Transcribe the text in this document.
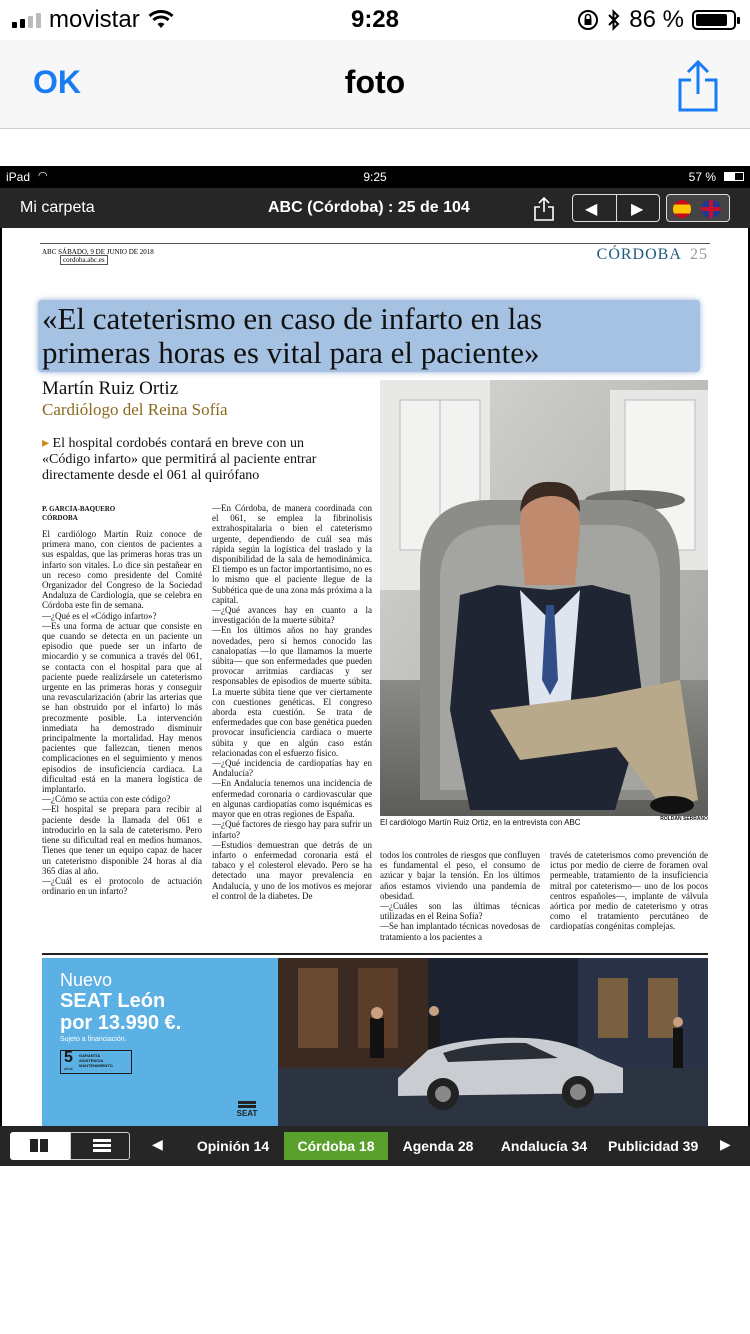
movistar	9:28	86 %
OK	foto
iPad ◠	9:25	57 %
Mi carpeta	ABC (Córdoba) : 25 de 104	◀ ▶
ABC SÁBADO, 9 DE JUNIO DE 2018
cordoba.abc.es	CÓRDOBA 25
«El cateterismo en caso de infarto en las
primeras horas es vital para el paciente»
Martín Ruiz Ortiz
Cardiólogo del Reina Sofía
▸ El hospital cordobés contará en breve con un
«Código infarto» que permitirá al paciente entrar
directamente desde el 061 al quirófano
El cardiólogo Martín Ruiz Ortiz, en la entrevista con ABC	ROLDÁN SERRANO
P. GARCÍA-BAQUERO
CÓRDOBA

El cardiólogo Martín Ruiz conoce de primera mano, con cientos de pacientes a sus espaldas, que las primeras horas tras un infarto son vitales. Lo dice sin pestañear en un receso como presidente del Comité Organizador del Congreso de la Sociedad Andaluza de Cardiología, que se celebra en Córdoba este fin de semana.
—¿Qué es el «Código infarto»?
—Es una forma de actuar que consiste en que cuando se detecta en un paciente un episodio que puede ser un infarto de miocardio y se comunica a través del 061, se contacta con el hospital para que al paciente puede realizársele un cateterismo urgente en las primeras horas y conseguir una revascularización (abrir las arterias que se han obstruido por el infarto) lo más precozmente posible. La intervención inmediata ha demostrado disminuir principalmente la mortalidad. Hay menos pacientes que fallezcan, tienen menos complicaciones en el seguimiento y menos episodios de insuficiencia cardiaca. La dificultad está en la manera logística de implantarlo.
—¿Cómo se actúa con este código?
—El hospital se prepara para recibir al paciente desde la llamada del 061 e introducirlo en la sala de cateterismo. Pero tiene su dificultad real en medios humanos. Tienes que tener un equipo capaz de hacer un cateterismo disponible 24 horas al día 365 días al año.
—¿Cuál es el protocolo de actuación ordinario en un infarto?

—En Córdoba, de manera coordinada con el 061, se emplea la fibrinolisis extrahospitalaria o bien el cateterismo urgente, dependiendo de cuál sea más rápida según la logística del traslado y la disponibilidad de la sala de hemodinámica. El tiempo es un factor importantísimo, no es lo mismo que el paciente llegue de la Subbética que de una zona más próxima a la capital.
—¿Qué avances hay en cuanto a la investigación de la muerte súbita?
—En los últimos años no hay grandes novedades, pero sí hemos conocido las canalopatías —lo que llamamos la muerte súbita— que son enfermedades que pueden provocar arritmias cardiacas y ser responsables de episodios de muerte súbita. La muerte súbita tiene que ver ciertamente con cuestiones genéticas. El congreso aborda esta cuestión. Se trata de enfermedades que con base genética pueden provocar insuficiencia cardiaca o muerte súbita y que en algún caso están relacionadas con el esfuerzo físico.
—¿Qué incidencia de cardiopatías hay en Andalucía?
—En Andalucía tenemos una incidencia de enfermedad coronaria o cardiovascular que en algunas cardiopatías como isquémicas es mayor que en otras regiones de España.
—¿Qué factores de riesgo hay para sufrir un infarto?
—Estudios demuestran que detrás de un infarto o enfermedad coronaria está el tabaco y el colesterol elevado. Pero se ha detectado una mayor prevalencia en Andalucía, y uno de los motivos es mejorar el control de la diabetes. De

todos los controles de riesgos que confluyen es fundamental el peso, el consumo de azúcar y bajar la tensión. En los últimos años estamos viviendo una pandemia de obesidad.
—¿Cuáles son las últimas técnicas utilizadas en el Reina Sofía?
—Se han implantado técnicas novedosas de tratamiento a los pacientes a

través de cateterismos como prevención de ictus por medio de cierre de foramen oval permeable, tratamiento de la insuficiencia mitral por cateterismo— uno de los pocos centros españoles—, implante de válvula aórtica por medio de cateterismo y otras como el tratamiento percutáneo de cardiopatías congénitas complejas.

Nuevo
SEAT León
por 13.990 €.
Sujeto a financiación.
5
años
GARANTÍA
ASISTENCIA
MANTENIMIENTO
SEAT
◀	Opinión 14	Córdoba 18	Agenda 28	Andalucía 34	Publicidad 39	▶
